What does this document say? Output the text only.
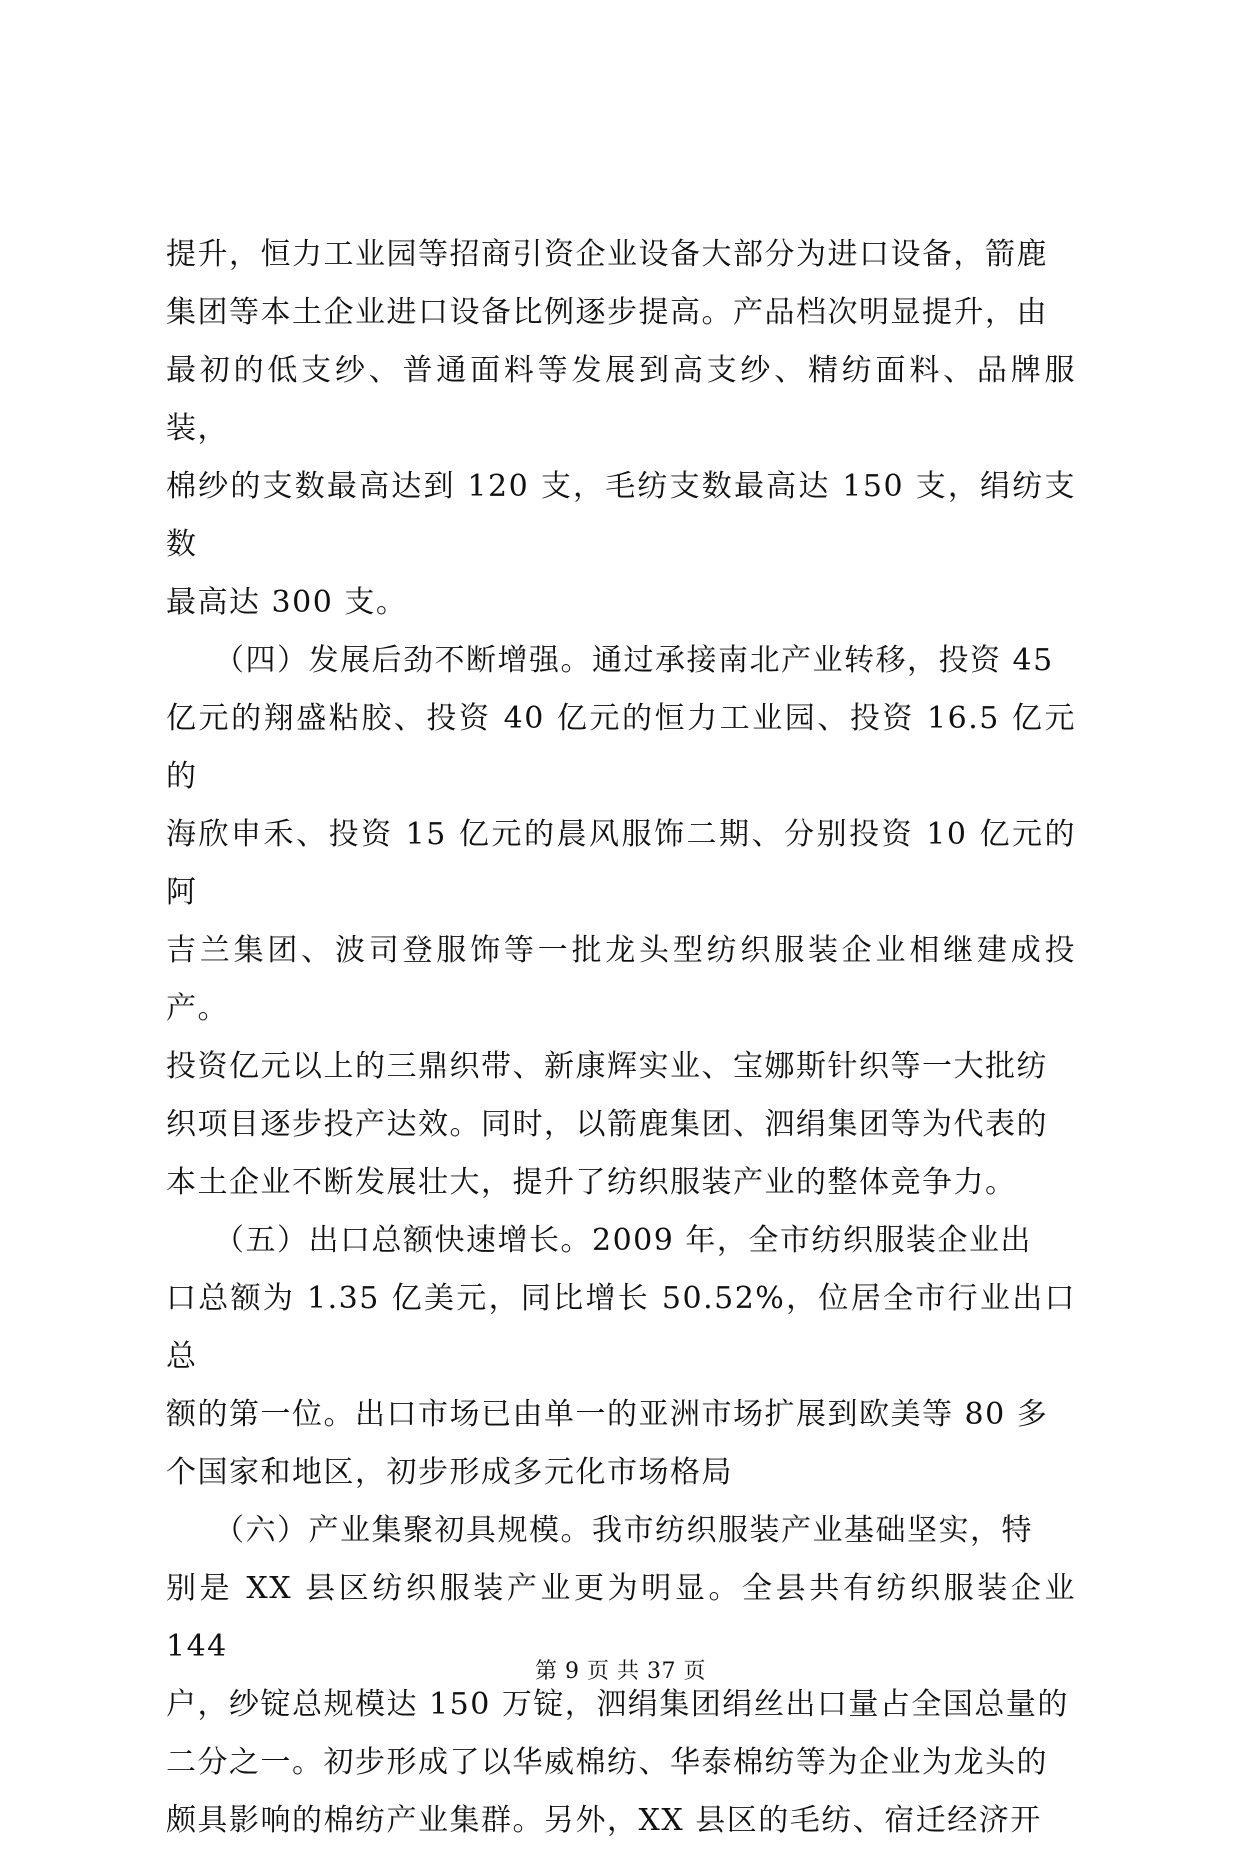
提升，恒力工业园等招商引资企业设备大部分为进口设备，箭鹿
集团等本土企业进口设备比例逐步提高。产品档次明显提升，由
最初的低支纱、普通面料等发展到高支纱、精纺面料、品牌服装，
棉纱的支数最高达到 120 支，毛纺支数最高达 150 支，绢纺支数
最高达 300 支。

　　（四）发展后劲不断增强。通过承接南北产业转移，投资 45
亿元的翔盛粘胶、投资 40 亿元的恒力工业园、投资 16.5 亿元的
海欣申禾、投资 15 亿元的晨风服饰二期、分别投资 10 亿元的阿
吉兰集团、波司登服饰等一批龙头型纺织服装企业相继建成投产。
投资亿元以上的三鼎织带、新康辉实业、宝娜斯针织等一大批纺
织项目逐步投产达效。同时，以箭鹿集团、泗绢集团等为代表的
本土企业不断发展壮大，提升了纺织服装产业的整体竞争力。

　　（五）出口总额快速增长。2009 年，全市纺织服装企业出
口总额为 1.35 亿美元，同比增长 50.52%，位居全市行业出口总
额的第一位。出口市场已由单一的亚洲市场扩展到欧美等 80 多
个国家和地区，初步形成多元化市场格局

　　（六）产业集聚初具规模。我市纺织服装产业基础坚实，特
别是 XX 县区纺织服装产业更为明显。全县共有纺织服装企业 144
户，纱锭总规模达 150 万锭，泗绢集团绢丝出口量占全国总量的
二分之一。初步形成了以华威棉纺、华泰棉纺等为企业为龙头的
颇具影响的棉纺产业集群。另外，XX 县区的毛纺、宿迁经济开

第 9 页 共 37 页
